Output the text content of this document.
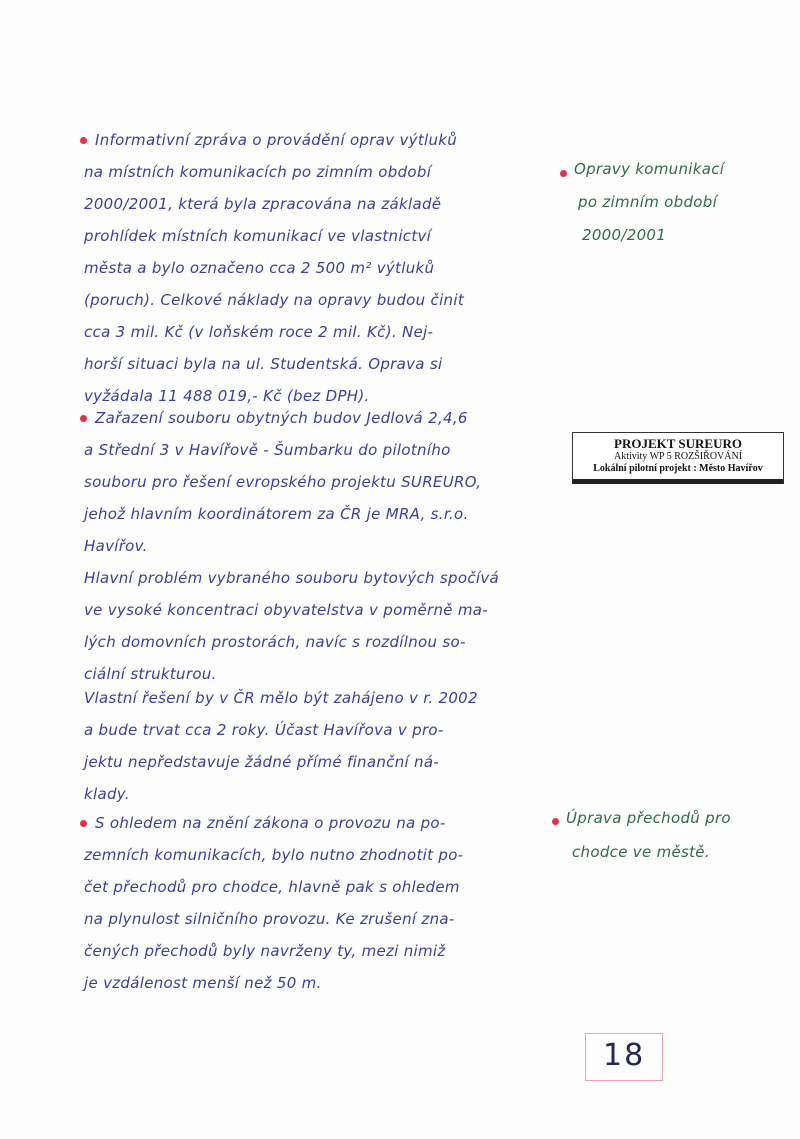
Informativní zpráva o provádění oprav výtluků
na místních komunikacích po zimním období
2000/2001, která byla zpracována na základě
prohlídek místních komunikací ve vlastnictví
města a bylo označeno cca 2 500 m² výtluků
(poruch). Celkové náklady na opravy budou činit
cca 3 mil. Kč (v loňském roce 2 mil. Kč). Nej-
horší situaci byla na ul. Studentská. Oprava si
vyžádala 11 488 019,- Kč (bez DPH).
Zařazení souboru obytných budov Jedlová 2,4,6
a Střední 3 v Havířově - Šumbarku do pilotního
souboru pro řešení evropského projektu SUREURO,
jehož hlavním koordinátorem za ČR je MRA, s.r.o.
Havířov.
Hlavní problém vybraného souboru bytových spočívá
ve vysoké koncentraci obyvatelstva v poměrně ma-
lých domovních prostorách, navíc s rozdílnou so-
ciální strukturou.
Vlastní řešení by v ČR mělo být zahájeno v r. 2002
a bude trvat cca 2 roky. Účast Havířova v pro-
jektu nepředstavuje žádné přímé finanční ná-
klady.
S ohledem na znění zákona o provozu na po-
zemních komunikacích, bylo nutno zhodnotit po-
čet přechodů pro chodce, hlavně pak s ohledem
na plynulost silničního provozu. Ke zrušení zna-
čených přechodů byly navrženy ty, mezi nimiž
je vzdálenost menší než 50 m.
Opravy komunikací
po zimním období
2000/2001
Úprava přechodů pro
chodce ve městě.
PROJEKT SUREURO
Aktivity WP 5 ROZŠIŘOVÁNÍ
Lokální pilotní projekt : Město Havířov
18
